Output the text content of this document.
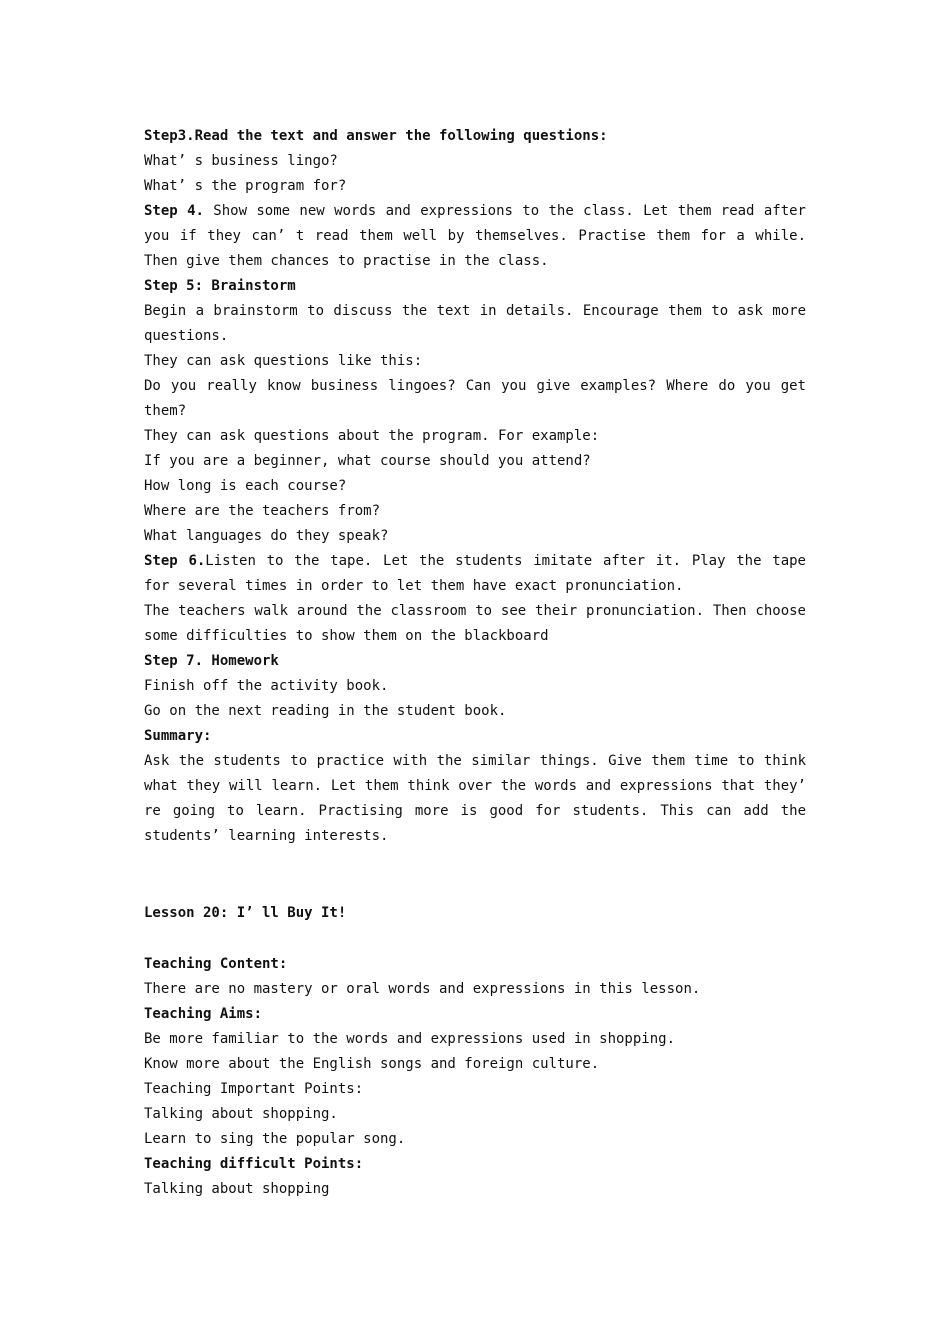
Step3.Read the text and answer the following questions:
What’ s business lingo?
What’ s the program for?
Step 4. Show some new words and expressions to the class. Let them read after you if they can’ t read them well by themselves. Practise them for a while. Then give them chances to practise in the class.
Step 5: Brainstorm
Begin a brainstorm to discuss the text in details. Encourage them to ask more questions.
They can ask questions like this:
Do you really know business lingoes? Can you give examples? Where do you get them?
They can ask questions about the program. For example:
If you are a beginner, what course should you attend?
How long is each course?
Where are the teachers from?
What languages do they speak?
Step 6.Listen to the tape. Let the students imitate after it. Play the tape for several times in order to let them have exact pronunciation.
The teachers walk around the classroom to see their pronunciation. Then choose some difficulties to show them on the blackboard
Step 7. Homework
Finish off the activity book.
Go on the next reading in the student book.
Summary:
Ask the students to practice with the similar things. Give them time to think what they will learn. Let them think over the words and expressions that they’ re going to learn. Practising more is good for students. This can add the students’ learning interests.
Lesson 20: I’ ll Buy It!
Teaching Content:
There are no mastery or oral words and expressions in this lesson.
Teaching Aims:
Be more familiar to the words and expressions used in shopping.
Know more about the English songs and foreign culture.
Teaching Important Points:
Talking about shopping.
Learn to sing the popular song.
Teaching difficult Points:
Talking about shopping
